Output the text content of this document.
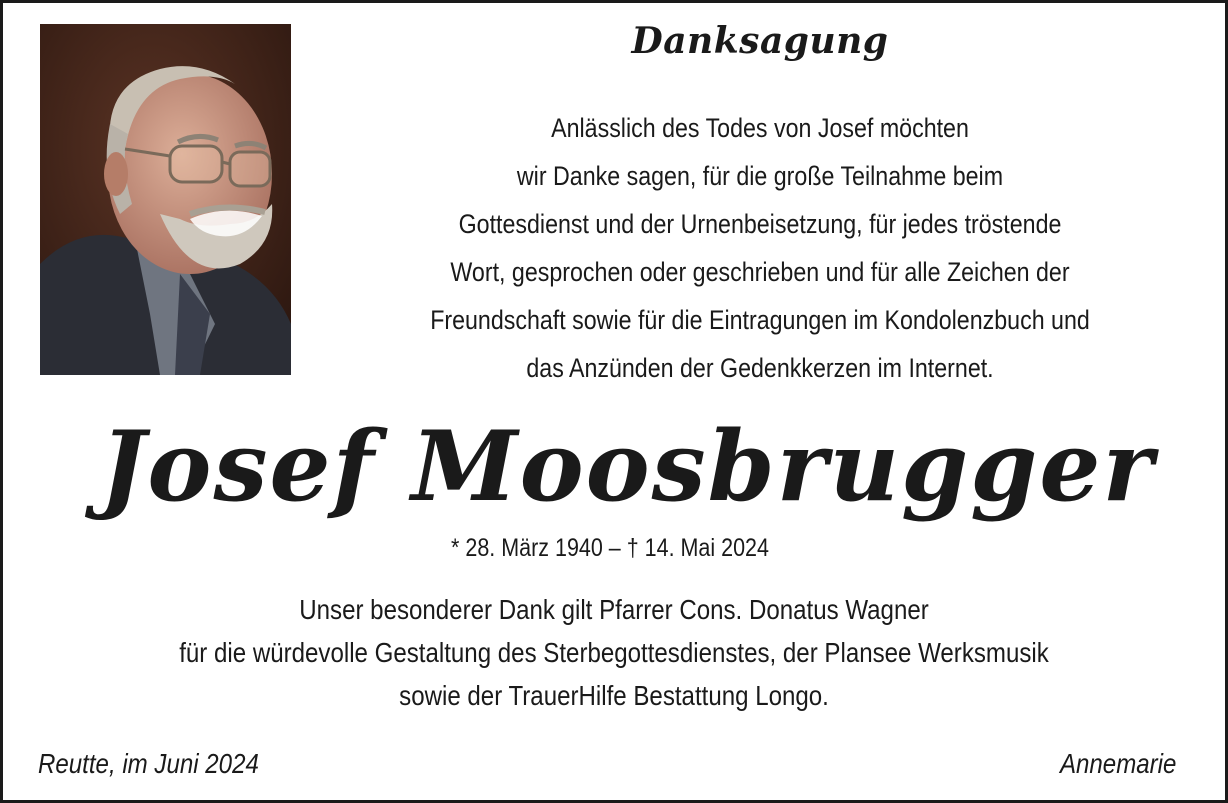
Danksagung
Anlässlich des Todes von Josef möchten
wir Danke sagen, für die große Teilnahme beim
Gottesdienst und der Urnenbeisetzung, für jedes tröstende
Wort, gesprochen oder geschrieben und für alle Zeichen der
Freundschaft sowie für die Eintragungen im Kondolenzbuch und
das Anzünden der Gedenkkerzen im Internet.
Josef Moosbrugger
* 28. März 1940 – † 14. Mai 2024
Unser besonderer Dank gilt Pfarrer Cons. Donatus Wagner
für die würdevolle Gestaltung des Sterbegottesdienstes, der Plansee Werksmusik
sowie der TrauerHilfe Bestattung Longo.
Reutte, im Juni 2024	Annemarie
